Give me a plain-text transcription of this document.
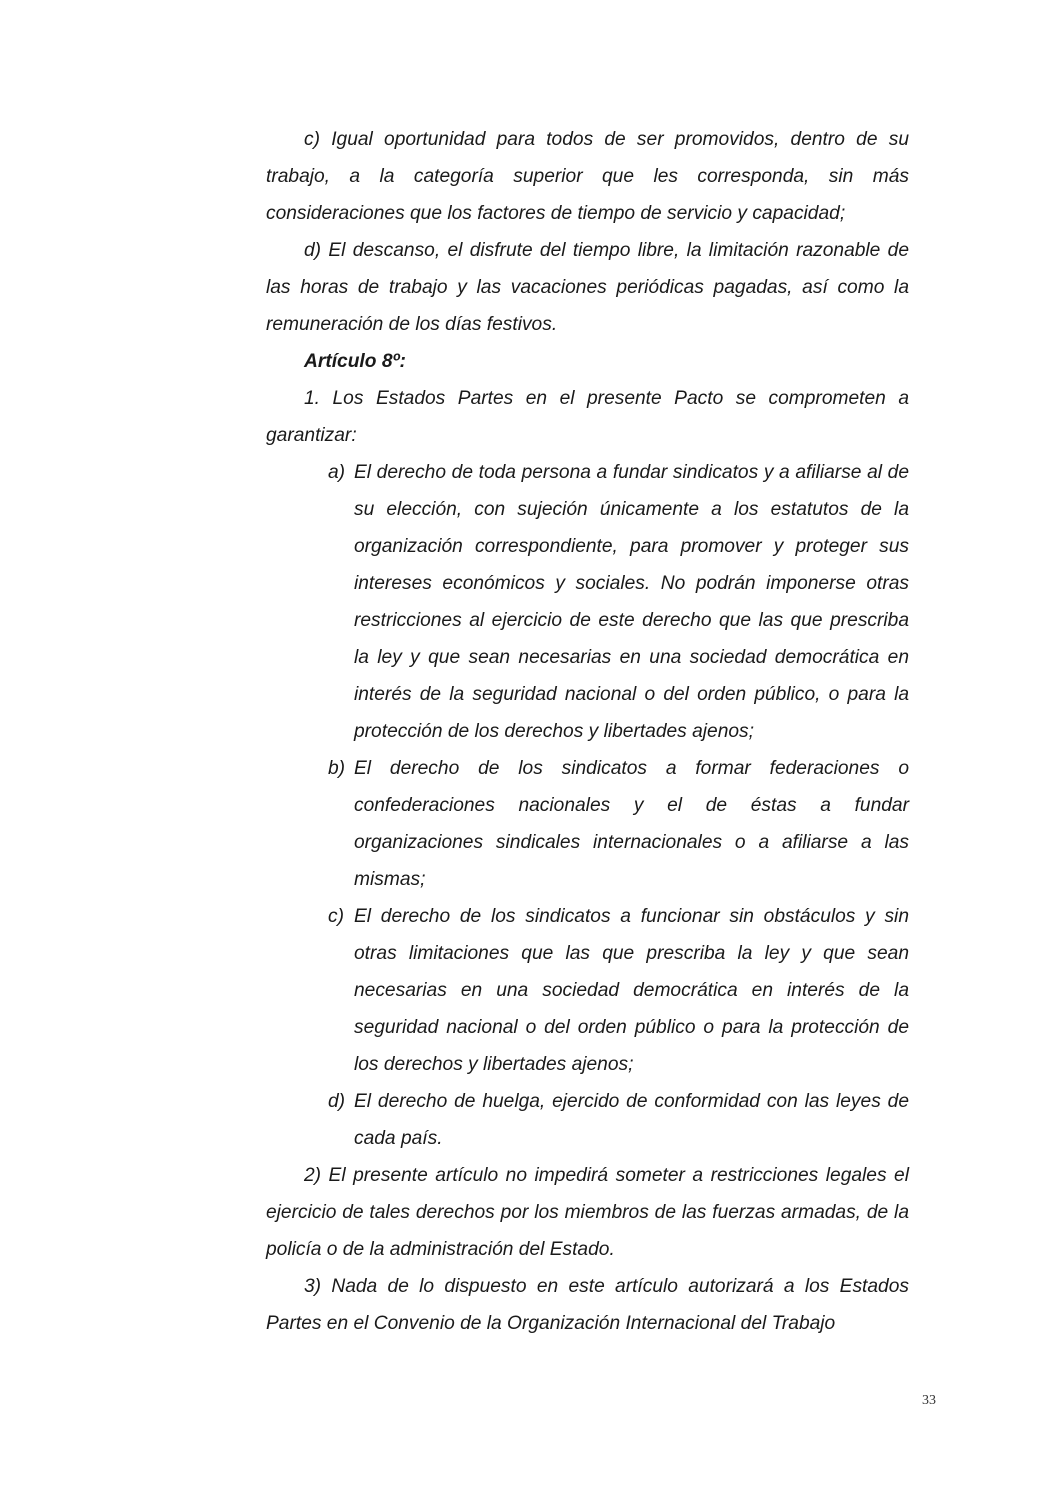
c) Igual oportunidad para todos de ser promovidos, dentro de su trabajo, a la categoría superior que les corresponda, sin más consideraciones que los factores de tiempo de servicio y capacidad;

d) El descanso, el disfrute del tiempo libre, la limitación razonable de las horas de trabajo y las vacaciones periódicas pagadas, así como la remuneración de los días festivos.

Artículo 8º:

1. Los Estados Partes en el presente Pacto se comprometen a garantizar:

a) El derecho de toda persona a fundar sindicatos y a afiliarse al de su elección, con sujeción únicamente a los estatutos de la organización correspondiente, para promover y proteger sus intereses económicos y sociales. No podrán imponerse otras restricciones al ejercicio de este derecho que las que prescriba la ley y que sean necesarias en una sociedad democrática en interés de la seguridad nacional o del orden público, o para la protección de los derechos y libertades ajenos;
b) El derecho de los sindicatos a formar federaciones o confederaciones nacionales y el de éstas a fundar organizaciones sindicales internacionales o a afiliarse a las mismas;
c) El derecho de los sindicatos a funcionar sin obstáculos y sin otras limitaciones que las que prescriba la ley y que sean necesarias en una sociedad democrática en interés de la seguridad nacional o del orden público o para la protección de los derechos y libertades ajenos;
d) El derecho de huelga, ejercido de conformidad con las leyes de cada país.

2) El presente artículo no impedirá someter a restricciones legales el ejercicio de tales derechos por los miembros de las fuerzas armadas, de la policía o de la administración del Estado.

3) Nada de lo dispuesto en este artículo autorizará a los Estados Partes en el Convenio de la Organización Internacional del Trabajo

33
